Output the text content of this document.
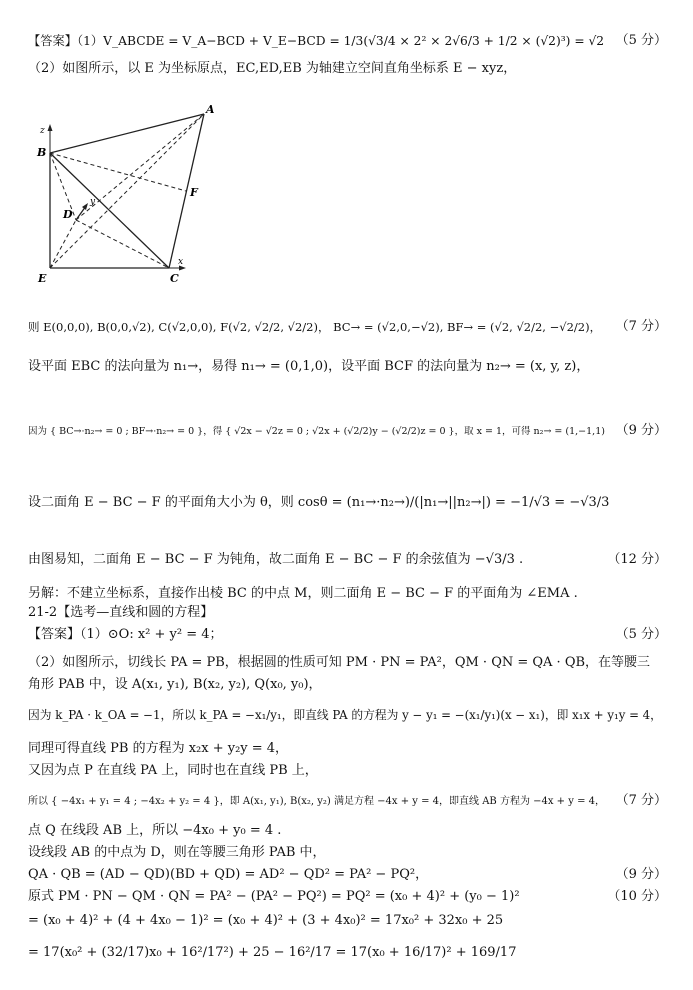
【答案】（1）V_ABCDE = V_A−BCD + V_E−BCD = 1/3(√3/4 × 2² × 2√6/3 + 1/2 × (√2)³) = √2 （5 分）
（2）如图所示，以 E 为坐标原点，EC,ED,EB 为轴建立空间直角坐标系 E − xyz，
A
B
C
D
E
F
z
x
y
则 E(0,0,0), B(0,0,√2), C(√2,0,0), F(√2, √2/2, √2/2)， BC→ = (√2,0,−√2), BF→ = (√2, √2/2, −√2/2)， （7 分）
设平面 EBC 的法向量为 n₁→，易得 n₁→ = (0,1,0)，设平面 BCF 的法向量为 n₂→ = (x, y, z)，
因为 { BC→·n₂→ = 0 ; BF→·n₂→ = 0 }，得 { √2x − √2z = 0 ; √2x + (√2/2)y − (√2/2)z = 0 }，取 x = 1，可得 n₂→ = (1,−1,1) （9 分）
设二面角 E − BC − F 的平面角大小为 θ，则 cosθ = (n₁→·n₂→)/(|n₁→||n₂→|) = −1/√3 = −√3/3
由图易知，二面角 E − BC − F 为钝角，故二面角 E − BC − F 的余弦值为 −√3/3 .	（12 分）
另解：不建立坐标系，直接作出棱 BC 的中点 M，则二面角 E − BC − F 的平面角为 ∠EMA .
21-2【选考—直线和圆的方程】
【答案】（1）⊙O: x² + y² = 4；	（5 分）
（2）如图所示，切线长 PA = PB，根据圆的性质可知 PM · PN = PA²，QM · QN = QA · QB，在等腰三
角形 PAB 中，设 A(x₁, y₁), B(x₂, y₂), Q(x₀, y₀)，
因为 k_PA · k_OA = −1，所以 k_PA = −x₁/y₁，即直线 PA 的方程为 y − y₁ = −(x₁/y₁)(x − x₁)，即 x₁x + y₁y = 4，
同理可得直线 PB 的方程为 x₂x + y₂y = 4，
又因为点 P 在直线 PA 上，同时也在直线 PB 上，
所以 { −4x₁ + y₁ = 4 ; −4x₂ + y₂ = 4 }，即 A(x₁, y₁), B(x₂, y₂) 满足方程 −4x + y = 4，即直线 AB 方程为 −4x + y = 4， （7 分）
点 Q 在线段 AB 上，所以 −4x₀ + y₀ = 4 .
设线段 AB 的中点为 D，则在等腰三角形 PAB 中，
QA · QB = (AD − QD)(BD + QD) = AD² − QD² = PA² − PQ²，	（9 分）
原式 PM · PN − QM · QN = PA² − (PA² − PQ²) = PQ² = (x₀ + 4)² + (y₀ − 1)²	（10 分）
= (x₀ + 4)² + (4 + 4x₀ − 1)² = (x₀ + 4)² + (3 + 4x₀)² = 17x₀² + 32x₀ + 25
= 17(x₀² + (32/17)x₀ + 16²/17²) + 25 − 16²/17 = 17(x₀ + 16/17)² + 169/17
